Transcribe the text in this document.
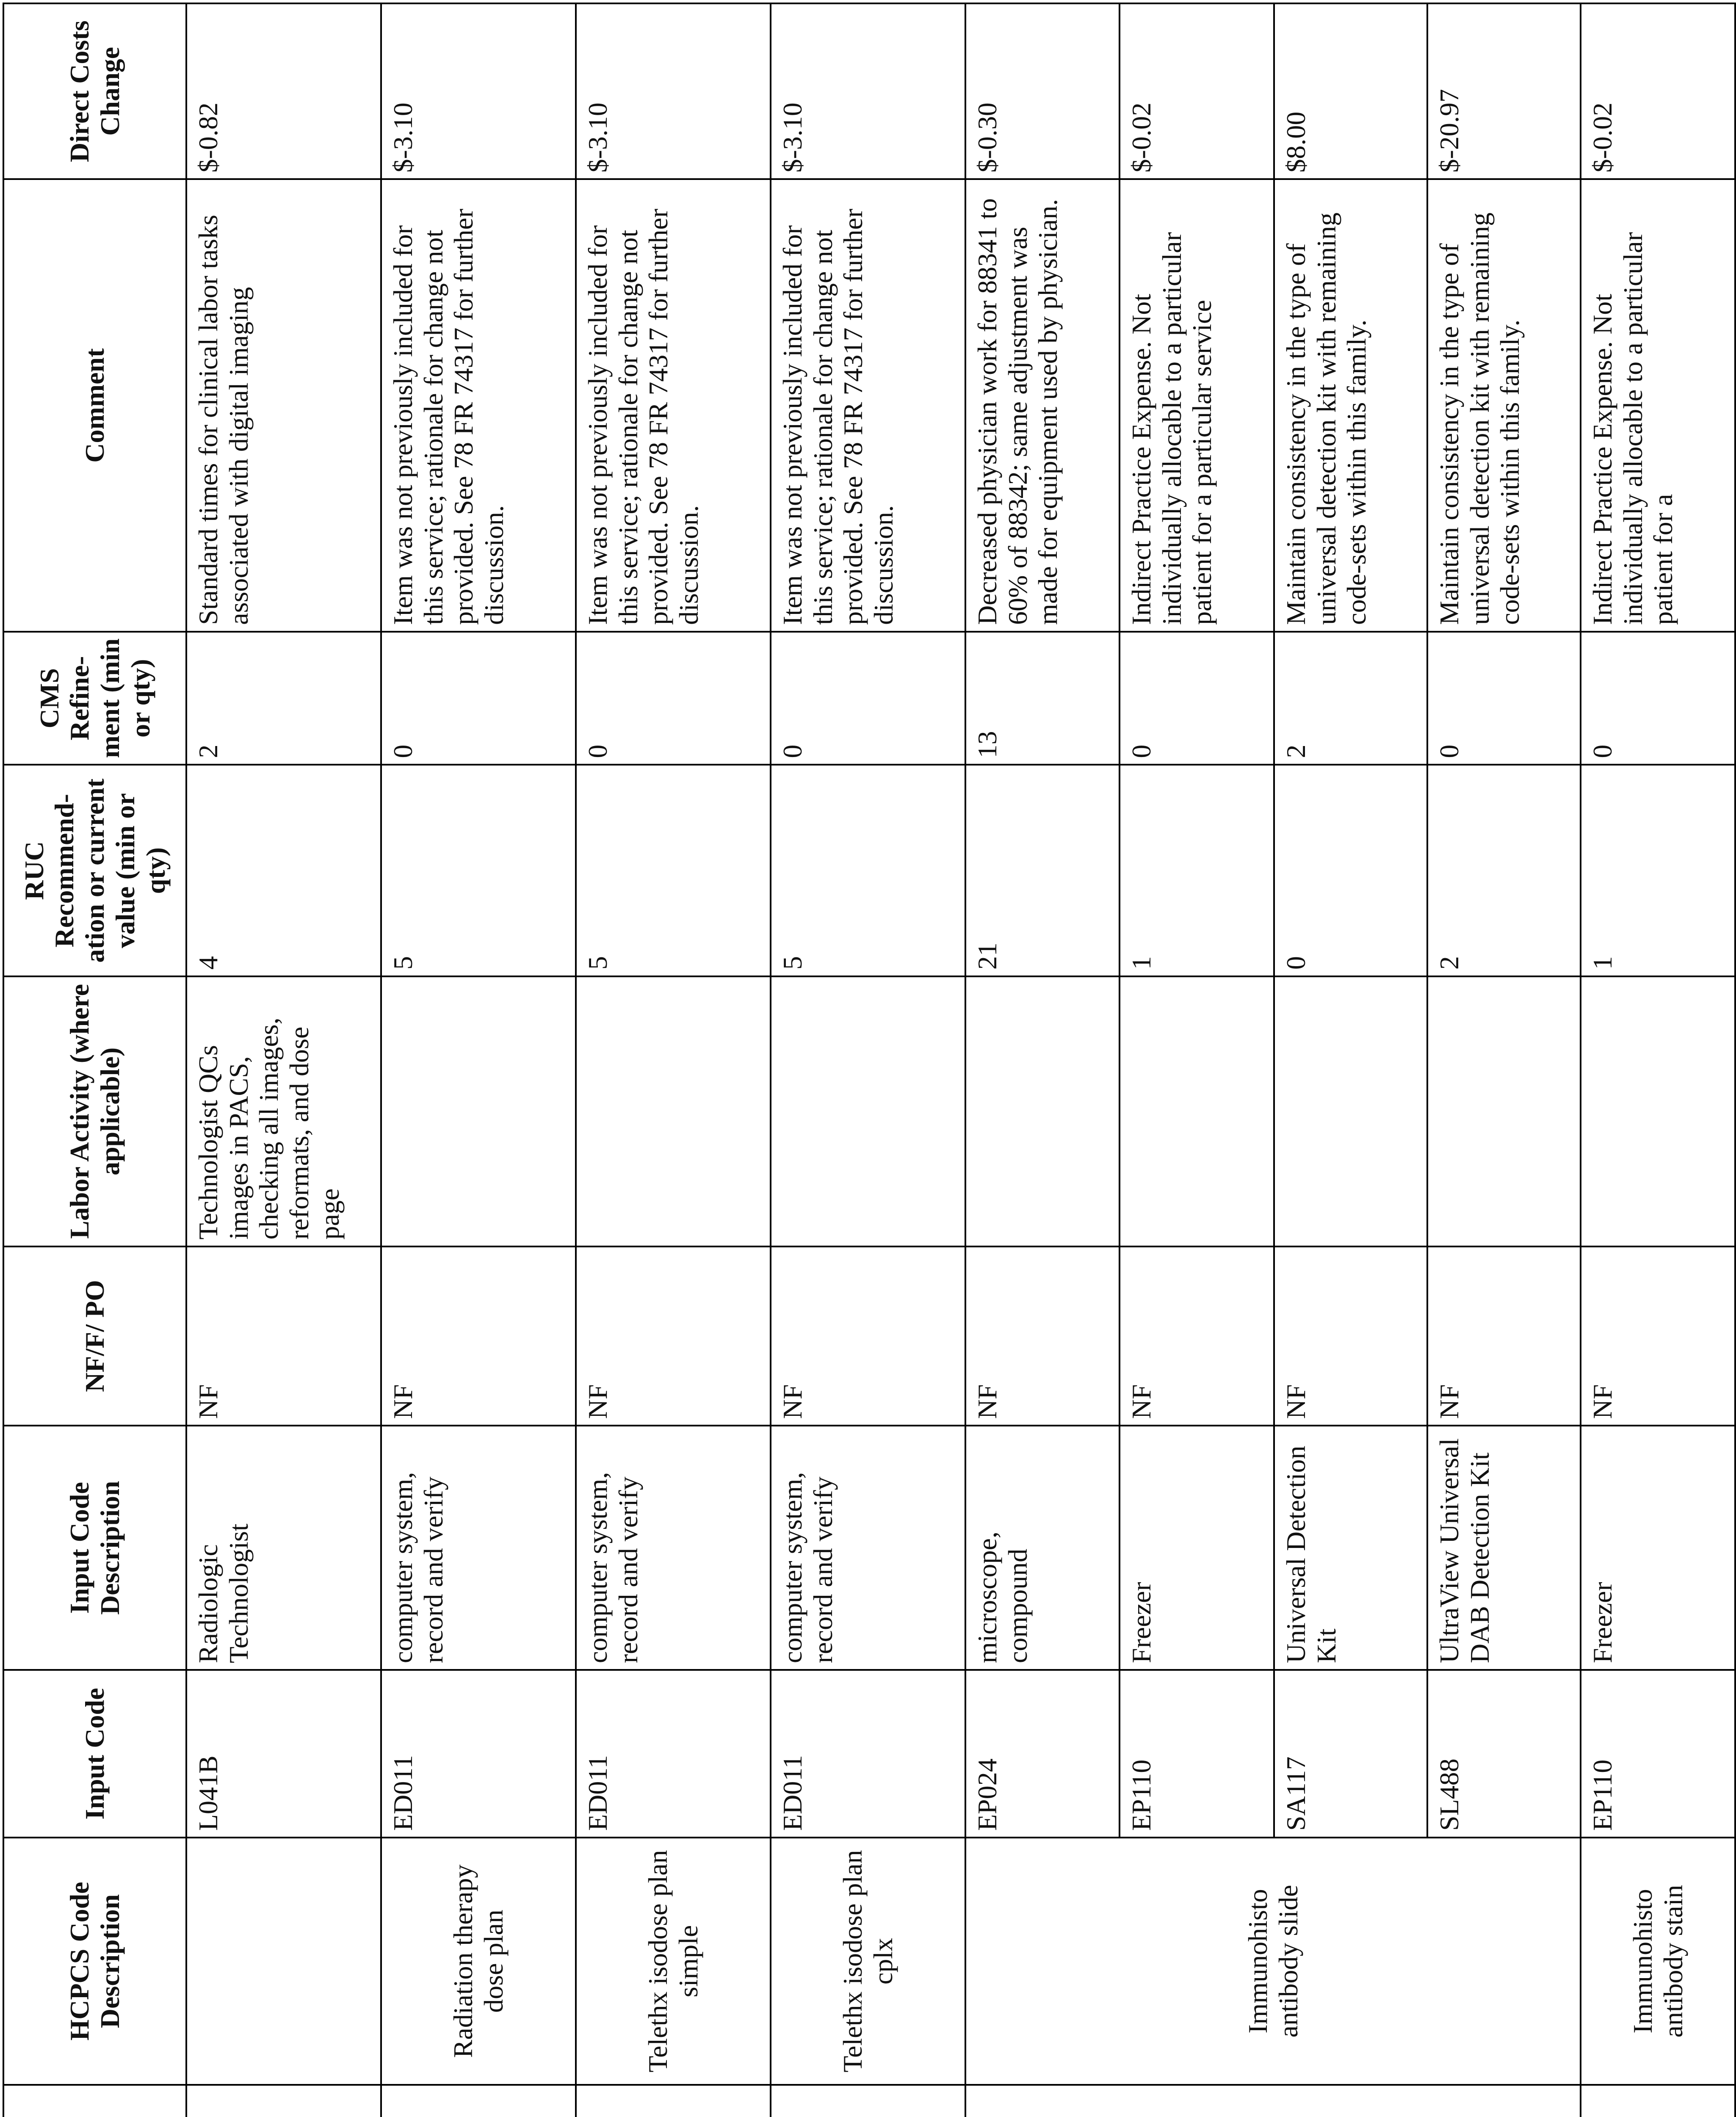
	HCPCS Code Description	Input Code	Input Code Description	NF/F/ PO	Labor Activity (where applicable)	RUC Recommend-ation or current value (min or qty)	CMS Refine-ment (min or qty)	Comment	Direct Costs Change
		L041B	Radiologic Technologist	NF	Technologist QCs images in PACS, checking all images, reformats, and dose page	4	2	Standard times for clinical labor tasks associated with digital imaging	$-0.82
	Radiation therapy dose plan	ED011	computer system, record and verify	NF		5	0	Item was not previously included for this service; rationale for change not provided. See 78 FR 74317 for further discussion.	$-3.10
	Telethx isodose plan simple	ED011	computer system, record and verify	NF		5	0	Item was not previously included for this service; rationale for change not provided. See 78 FR 74317 for further discussion.	$-3.10
	Telethx isodose plan cplx	ED011	computer system, record and verify	NF		5	0	Item was not previously included for this service; rationale for change not provided. See 78 FR 74317 for further discussion.	$-3.10
	Immunohisto antibody slide	EP024	microscope, compound	NF		21	13	Decreased physician work for 88341 to 60% of 88342; same adjustment was made for equipment used by physician.	$-0.30
		EP110	Freezer	NF		1	0	Indirect Practice Expense. Not individually allocable to a particular patient for a particular service	$-0.02
		SA117	Universal Detection Kit	NF		0	2	Maintain consistency in the type of universal detection kit with remaining code-sets within this family.	$8.00
		SL488	UltraView Universal DAB Detection Kit	NF		2	0	Maintain consistency in the type of universal detection kit with remaining code-sets within this family.	$-20.97
	Immunohisto antibody stain	EP110	Freezer	NF		1	0	Indirect Practice Expense. Not individually allocable to a particular patient for a	$-0.02
